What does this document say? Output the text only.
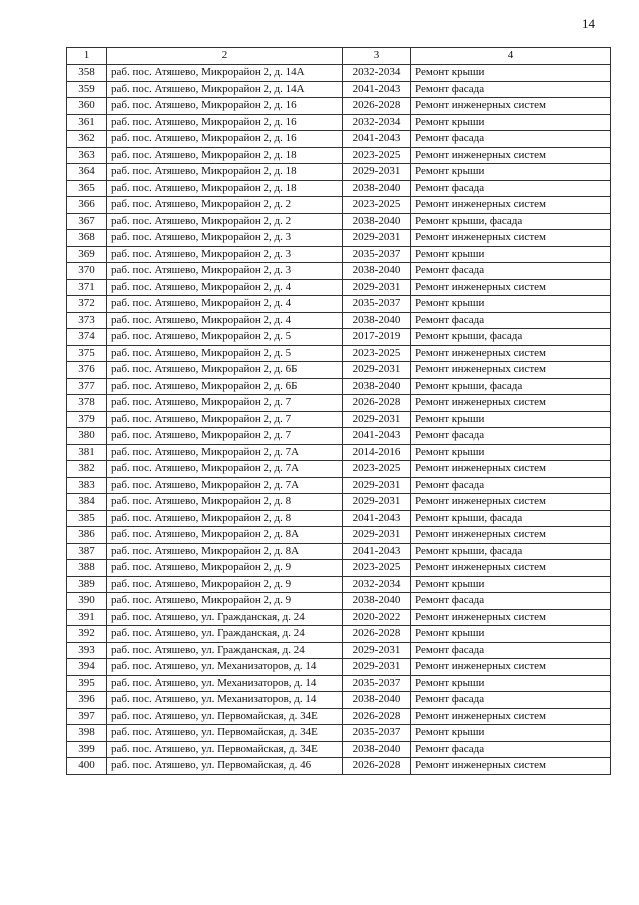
14
1	2	3	4
358	раб. пос. Атяшево, Микрорайон 2, д. 14А	2032-2034	Ремонт крыши
359	раб. пос. Атяшево, Микрорайон 2, д. 14А	2041-2043	Ремонт фасада
360	раб. пос. Атяшево, Микрорайон 2, д. 16	2026-2028	Ремонт инженерных систем
361	раб. пос. Атяшево, Микрорайон 2, д. 16	2032-2034	Ремонт крыши
362	раб. пос. Атяшево, Микрорайон 2, д. 16	2041-2043	Ремонт фасада
363	раб. пос. Атяшево, Микрорайон 2, д. 18	2023-2025	Ремонт инженерных систем
364	раб. пос. Атяшево, Микрорайон 2, д. 18	2029-2031	Ремонт крыши
365	раб. пос. Атяшево, Микрорайон 2, д. 18	2038-2040	Ремонт фасада
366	раб. пос. Атяшево, Микрорайон 2, д. 2	2023-2025	Ремонт инженерных систем
367	раб. пос. Атяшево, Микрорайон 2, д. 2	2038-2040	Ремонт крыши, фасада
368	раб. пос. Атяшево, Микрорайон 2, д. 3	2029-2031	Ремонт инженерных систем
369	раб. пос. Атяшево, Микрорайон 2, д. 3	2035-2037	Ремонт крыши
370	раб. пос. Атяшево, Микрорайон 2, д. 3	2038-2040	Ремонт фасада
371	раб. пос. Атяшево, Микрорайон 2, д. 4	2029-2031	Ремонт инженерных систем
372	раб. пос. Атяшево, Микрорайон 2, д. 4	2035-2037	Ремонт крыши
373	раб. пос. Атяшево, Микрорайон 2, д. 4	2038-2040	Ремонт фасада
374	раб. пос. Атяшево, Микрорайон 2, д. 5	2017-2019	Ремонт крыши, фасада
375	раб. пос. Атяшево, Микрорайон 2, д. 5	2023-2025	Ремонт инженерных систем
376	раб. пос. Атяшево, Микрорайон 2, д. 6Б	2029-2031	Ремонт инженерных систем
377	раб. пос. Атяшево, Микрорайон 2, д. 6Б	2038-2040	Ремонт крыши, фасада
378	раб. пос. Атяшево, Микрорайон 2, д. 7	2026-2028	Ремонт инженерных систем
379	раб. пос. Атяшево, Микрорайон 2, д. 7	2029-2031	Ремонт крыши
380	раб. пос. Атяшево, Микрорайон 2, д. 7	2041-2043	Ремонт фасада
381	раб. пос. Атяшево, Микрорайон 2, д. 7А	2014-2016	Ремонт крыши
382	раб. пос. Атяшево, Микрорайон 2, д. 7А	2023-2025	Ремонт инженерных систем
383	раб. пос. Атяшево, Микрорайон 2, д. 7А	2029-2031	Ремонт фасада
384	раб. пос. Атяшево, Микрорайон 2, д. 8	2029-2031	Ремонт инженерных систем
385	раб. пос. Атяшево, Микрорайон 2, д. 8	2041-2043	Ремонт крыши, фасада
386	раб. пос. Атяшево, Микрорайон 2, д. 8А	2029-2031	Ремонт инженерных систем
387	раб. пос. Атяшево, Микрорайон 2, д. 8А	2041-2043	Ремонт крыши, фасада
388	раб. пос. Атяшево, Микрорайон 2, д. 9	2023-2025	Ремонт инженерных систем
389	раб. пос. Атяшево, Микрорайон 2, д. 9	2032-2034	Ремонт крыши
390	раб. пос. Атяшево, Микрорайон 2, д. 9	2038-2040	Ремонт фасада
391	раб. пос. Атяшево, ул. Гражданская, д. 24	2020-2022	Ремонт инженерных систем
392	раб. пос. Атяшево, ул. Гражданская, д. 24	2026-2028	Ремонт крыши
393	раб. пос. Атяшево, ул. Гражданская, д. 24	2029-2031	Ремонт фасада
394	раб. пос. Атяшево, ул. Механизаторов, д. 14	2029-2031	Ремонт инженерных систем
395	раб. пос. Атяшево, ул. Механизаторов, д. 14	2035-2037	Ремонт крыши
396	раб. пос. Атяшево, ул. Механизаторов, д. 14	2038-2040	Ремонт фасада
397	раб. пос. Атяшево, ул. Первомайская, д. 34Е	2026-2028	Ремонт инженерных систем
398	раб. пос. Атяшево, ул. Первомайская, д. 34Е	2035-2037	Ремонт крыши
399	раб. пос. Атяшево, ул. Первомайская, д. 34Е	2038-2040	Ремонт фасада
400	раб. пос. Атяшево, ул. Первомайская, д. 46	2026-2028	Ремонт инженерных систем
